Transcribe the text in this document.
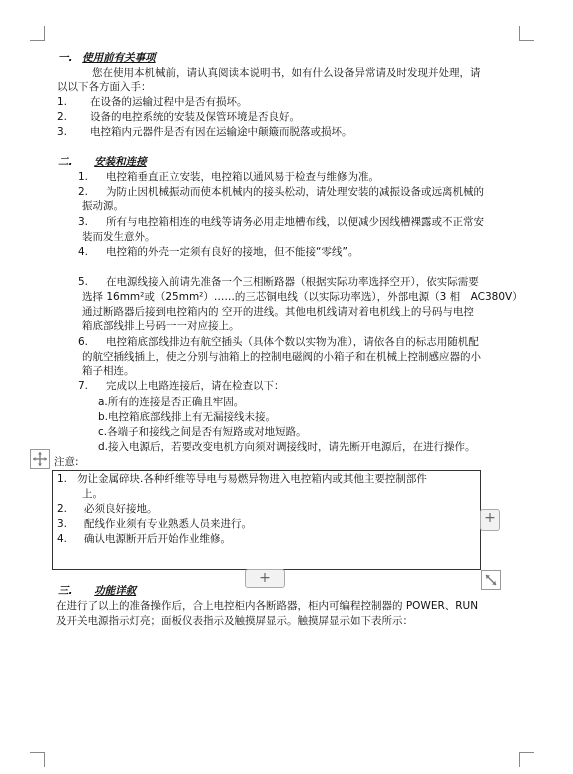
一. 使用前有关事项
您在使用本机械前，请认真阅读本说明书，如有什么设备异常请及时发现并处理，请
以以下各方面入手：
1. 在设备的运输过程中是否有损坏。
2. 设备的电控系统的安装及保管环境是否良好。
3. 电控箱内元器件是否有因在运输途中颠簸而脱落或损坏。
二. 安装和连接
1. 电控箱垂直正立安装，电控箱以通风易于检查与维修为准。
2. 为防止因机械振动而使本机械内的接头松动，请处理安装的减振设备或远离机械的
振动源。
3. 所有与电控箱相连的电线等请务必用走地槽布线，以便减少因线槽裸露或不正常安
装而发生意外。
4. 电控箱的外壳一定须有良好的接地，但不能接“零线”。
5. 在电源线接入前请先准备一个三相断路器（根据实际功率选择空开），依实际需要
选择 16mm²或（25mm²）……的三芯铜电线（以实际功率选），外部电源（3 相　AC380V）
通过断路器后接到电控箱内的 空开的进线。其他电机线请对着电机线上的号码与电控
箱底部线排上号码一一对应接上。
6. 电控箱底部线排边有航空插头（具体个数以实物为准），请依各自的标志用随机配
的航空插线插上，使之分别与油箱上的控制电磁阀的小箱子和在机械上控制感应器的小
箱子相连。
7. 完成以上电路连接后，请在检查以下：
a.所有的连接是否正确且牢固。
b.电控箱底部线排上有无漏接线未接。
c.各端子和接线之间是否有短路或对地短路。
d.接入电源后，若要改变电机方向须对调接线时，请先断开电源后，在进行操作。
注意:
1. 勿让金属碎块.各种纤维等导电与易燃异物进入电控箱内或其他主要控制部件
上。
2. 必须良好接地。
3. 配线作业须有专业熟悉人员来进行。
4. 确认电源断开后开始作业维修。
+
+
三. 功能详叙
在进行了以上的准备操作后，合上电控柜内各断路器，柜内可编程控制器的 POWER、RUN
及开关电源指示灯亮；面板仪表指示及触摸屏显示。触摸屏显示如下表所示：
